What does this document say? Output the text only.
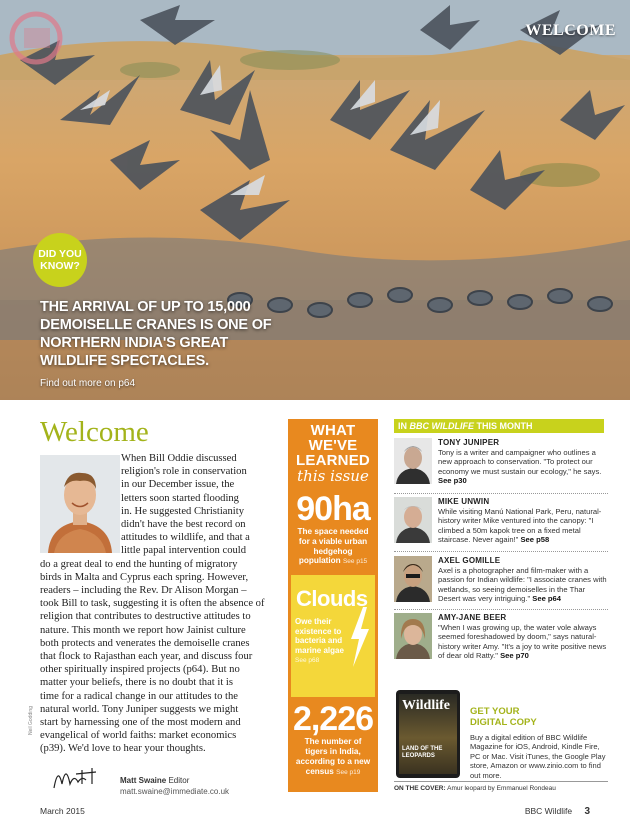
WELCOME
DID YOU KNOW?
THE ARRIVAL OF UP TO 15,000 DEMOISELLE CRANES IS ONE OF NORTHERN INDIA'S GREAT WILDLIFE SPECTACLES.
Find out more on p64
Welcome
When Bill Oddie discussed
religion's role in conservation
in our December issue, the
letters soon started flooding
in. He suggested Christianity
didn't have the best record on
attitudes to wildlife, and that a
little papal intervention could
do a great deal to end the hunting of migratory
birds in Malta and Cyprus each spring. However,
readers – including the Rev. Dr Alison Morgan –
took Bill to task, suggesting it is often the absence of
religion that contributes to destructive attitudes to
nature. This month we report how Jainist culture
both protects and venerates the demoiselle cranes
that flock to Rajasthan each year, and discuss four
other spiritually inspired projects (p64). But no
matter your beliefs, there is no doubt that it is
time for a radical change in our attitudes to the
natural world. Tony Juniper suggests we might
start by harnessing one of the most modern and
evangelical of world faiths: market economics
(p39). We'd love to hear your thoughts.
Neil Godding
Matt Swaine Editor
matt.swaine@immediate.co.uk
WHAT
WE'VE
LEARNED
this issue
90ha
The space needed for a viable urban hedgehog population See p15
Clouds
Owe their existence to bacteria and marine algae See p68
2,226
The number of tigers in India, according to a new census See p19
IN BBC WILDLIFE THIS MONTH
TONY JUNIPER
Tony is a writer and campaigner who outlines a new approach to conservation. "To protect our economy we must sustain our ecology," he says. See p30
MIKE UNWIN
While visiting Manú National Park, Peru, natural-history writer Mike ventured into the canopy: "I climbed a 50m kapok tree on a fixed metal staircase. Never again!" See p58
AXEL GOMILLE
Axel is a photographer and film-maker with a passion for Indian wildlife: "I associate cranes with wetlands, so seeing demoiselles in the Thar Desert was very intriguing." See p64
AMY-JANE BEER
"When I was growing up, the water vole always seemed foreshadowed by doom," says natural-history writer Amy. "It's a joy to write positive news of dear old Ratty." See p70
Wildlife
LAND OF THE LEOPARDS
GET YOUR
DIGITAL COPY
Buy a digital edition of BBC Wildlife Magazine for iOS, Android, Kindle Fire, PC or Mac. Visit iTunes, the Google Play store, Amazon or www.zinio.com to find out more.
ON THE COVER: Amur leopard by Emmanuel Rondeau
March 2015	BBC Wildlife 3
